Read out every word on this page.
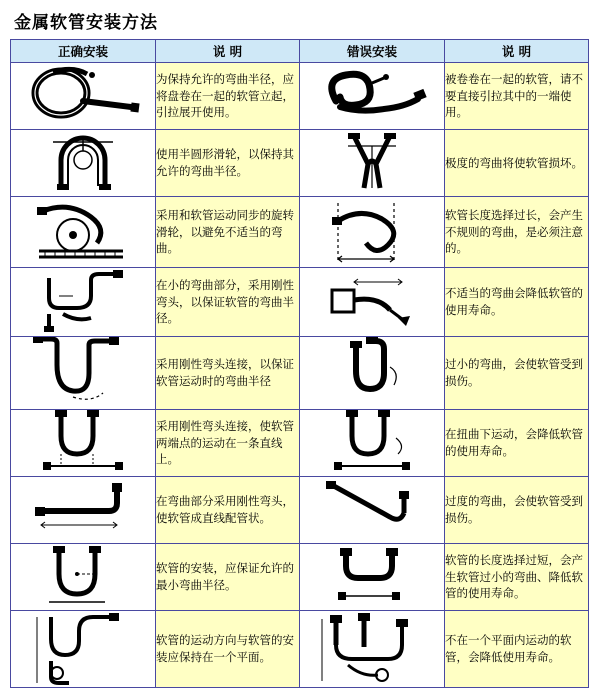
金属软管安装方法
正确安装	说 明	错误安装	说 明

	为保持允许的弯曲半径，应将盘卷在一起的软管立起，引拉展开使用。		被卷卷在一起的软管，请不要直接引拉其中的一端使用。

	使用半圆形滑轮，以保持其允许的弯曲半径。		极度的弯曲将使软管损坏。

	采用和软管运动同步的旋转滑轮，以避免不适当的弯曲。		软管长度选择过长，会产生不规则的弯曲，是必须注意的。

	在小的弯曲部分，采用刚性弯头，以保证软管的弯曲半径。		不适当的弯曲会降低软管的使用寿命。

	采用刚性弯头连接，以保证软管运动时的弯曲半径		过小的弯曲，会使软管受到损伤。

	采用刚性弯头连接，使软管两端点的运动在一条直线上。		在扭曲下运动，会降低软管的使用寿命。

	在弯曲部分采用刚性弯头，使软管成直线配管状。		过度的弯曲，会使软管受到损伤。

	软管的安装，应保证允许的最小弯曲半径。		软管的长度选择过短，会产生软管过小的弯曲、降低软管的使用寿命。

	软管的运动方向与软管的安装应保持在一个平面。		不在一个平面内运动的软管，会降低使用寿命。
